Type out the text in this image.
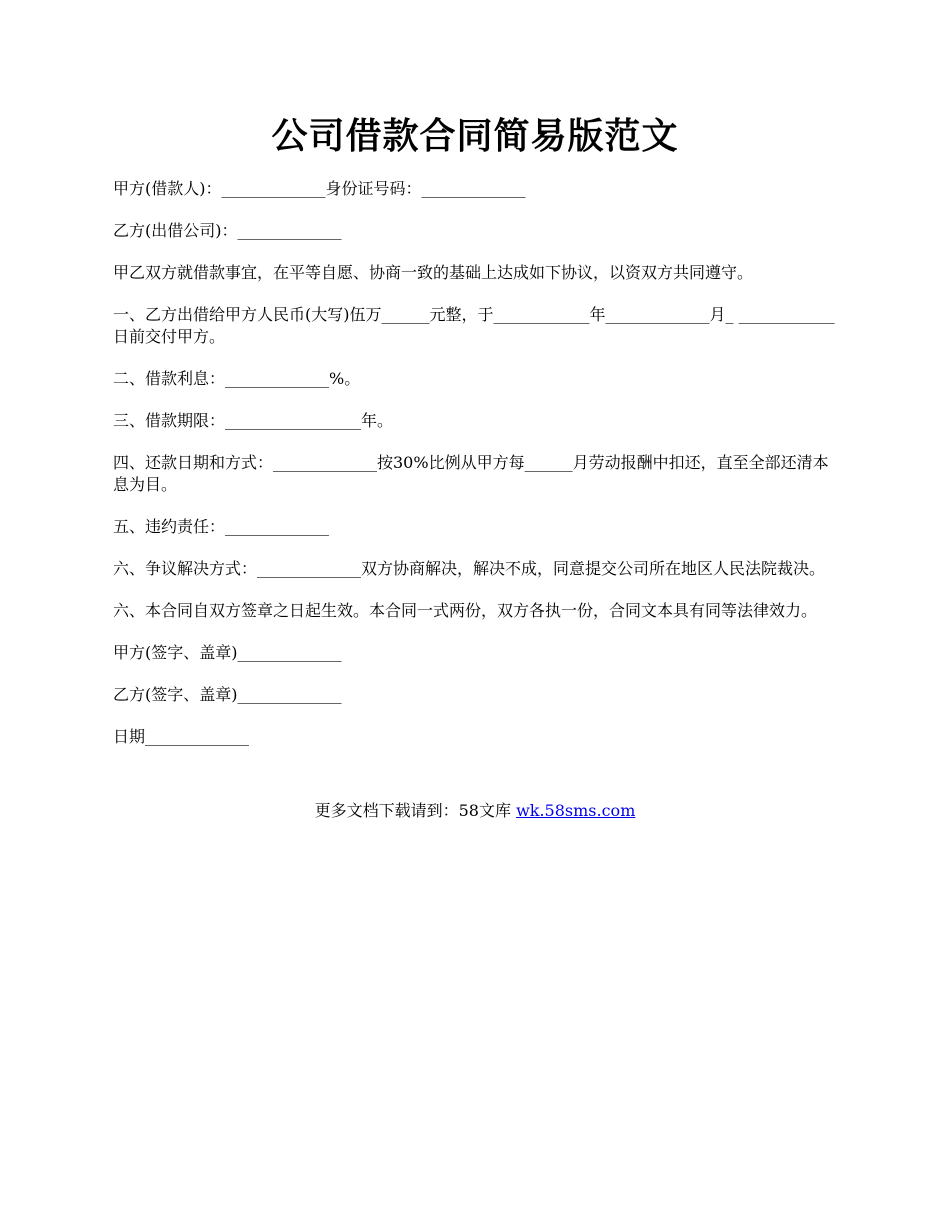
公司借款合同简易版范文

甲方(借款人)：_____________身份证号码：_____________

乙方(出借公司)：_____________

甲乙双方就借款事宜，在平等自愿、协商一致的基础上达成如下协议，以资双方共同遵守。

一、乙方出借给甲方人民币(大写)伍万______元整，于____________年_____________月_ ____________日前交付甲方。

二、借款利息：_____________%。

三、借款期限：_________________年。

四、还款日期和方式：_____________按30%比例从甲方每______月劳动报酬中扣还，直至全部还清本息为目。

五、违约责任：_____________

六、争议解决方式：_____________双方协商解决，解决不成，同意提交公司所在地区人民法院裁决。

六、本合同自双方签章之日起生效。本合同一式两份，双方各执一份，合同文本具有同等法律效力。

甲方(签字、盖章)_____________

乙方(签字、盖章)_____________

日期_____________

更多文档下载请到：58文库 wk.58sms.com
